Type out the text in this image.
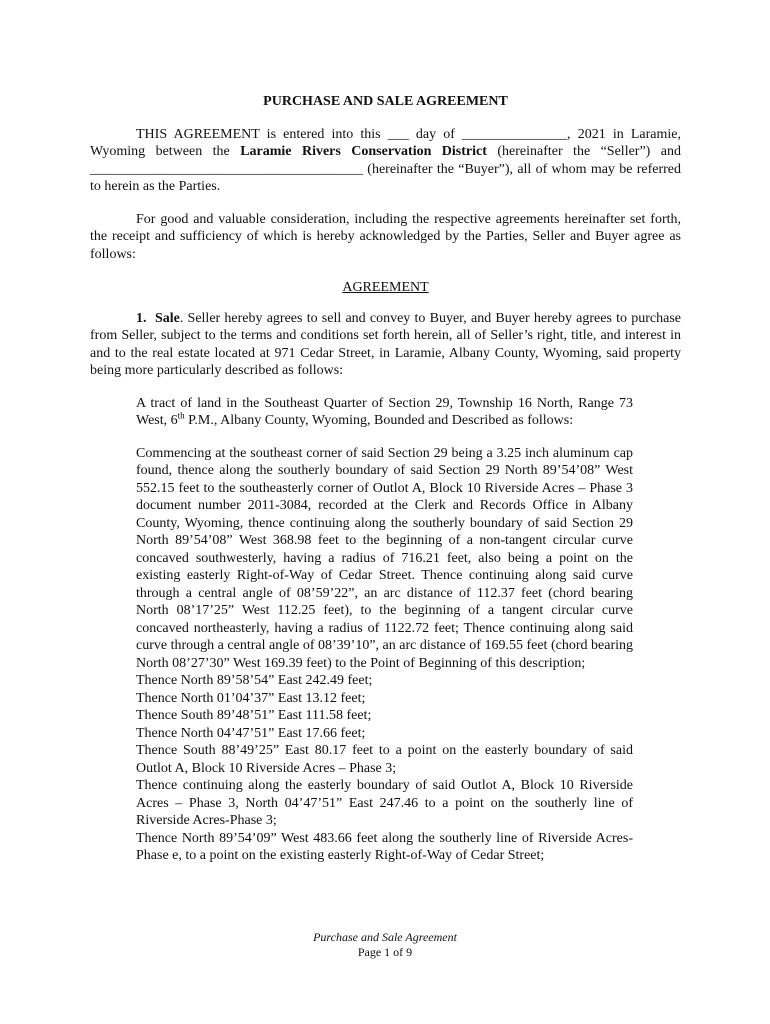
PURCHASE AND SALE AGREEMENT

THIS AGREEMENT is entered into this ___ day of _______________, 2021 in Laramie, Wyoming between the Laramie Rivers Conservation District (hereinafter the “Seller”) and _______________________________________ (hereinafter the “Buyer”), all of whom may be referred to herein as the Parties.

For good and valuable consideration, including the respective agreements hereinafter set forth, the receipt and sufficiency of which is hereby acknowledged by the Parties, Seller and Buyer agree as follows:

AGREEMENT

1. Sale. Seller hereby agrees to sell and convey to Buyer, and Buyer hereby agrees to purchase from Seller, subject to the terms and conditions set forth herein, all of Seller’s right, title, and interest in and to the real estate located at 971 Cedar Street, in Laramie, Albany County, Wyoming, said property being more particularly described as follows:

A tract of land in the Southeast Quarter of Section 29, Township 16 North, Range 73 West, 6th P.M., Albany County, Wyoming, Bounded and Described as follows:

Commencing at the southeast corner of said Section 29 being a 3.25 inch aluminum cap found, thence along the southerly boundary of said Section 29 North 89’54’08” West 552.15 feet to the southeasterly corner of Outlot A, Block 10 Riverside Acres – Phase 3 document number 2011-3084, recorded at the Clerk and Records Office in Albany County, Wyoming, thence continuing along the southerly boundary of said Section 29 North 89’54’08” West 368.98 feet to the beginning of a non-tangent circular curve concaved southwesterly, having a radius of 716.21 feet, also being a point on the existing easterly Right-of-Way of Cedar Street. Thence continuing along said curve through a central angle of 08’59’22”, an arc distance of 112.37 feet (chord bearing North 08’17’25” West 112.25 feet), to the beginning of a tangent circular curve concaved northeasterly, having a radius of 1122.72 feet; Thence continuing along said curve through a central angle of 08’39’10”, an arc distance of 169.55 feet (chord bearing North 08’27’30” West 169.39 feet) to the Point of Beginning of this description;

Thence North 89’58’54” East 242.49 feet;

Thence North 01’04’37” East 13.12 feet;

Thence South 89’48’51” East 111.58 feet;

Thence North 04’47’51” East 17.66 feet;

Thence South 88’49’25” East 80.17 feet to a point on the easterly boundary of said Outlot A, Block 10 Riverside Acres – Phase 3;

Thence continuing along the easterly boundary of said Outlot A, Block 10 Riverside Acres – Phase 3, North 04’47’51” East 247.46 to a point on the southerly line of Riverside Acres-Phase 3;

Thence North 89’54’09” West 483.66 feet along the southerly line of Riverside Acres-Phase e, to a point on the existing easterly Right-of-Way of Cedar Street;

Purchase and Sale Agreement
Page 1 of 9
